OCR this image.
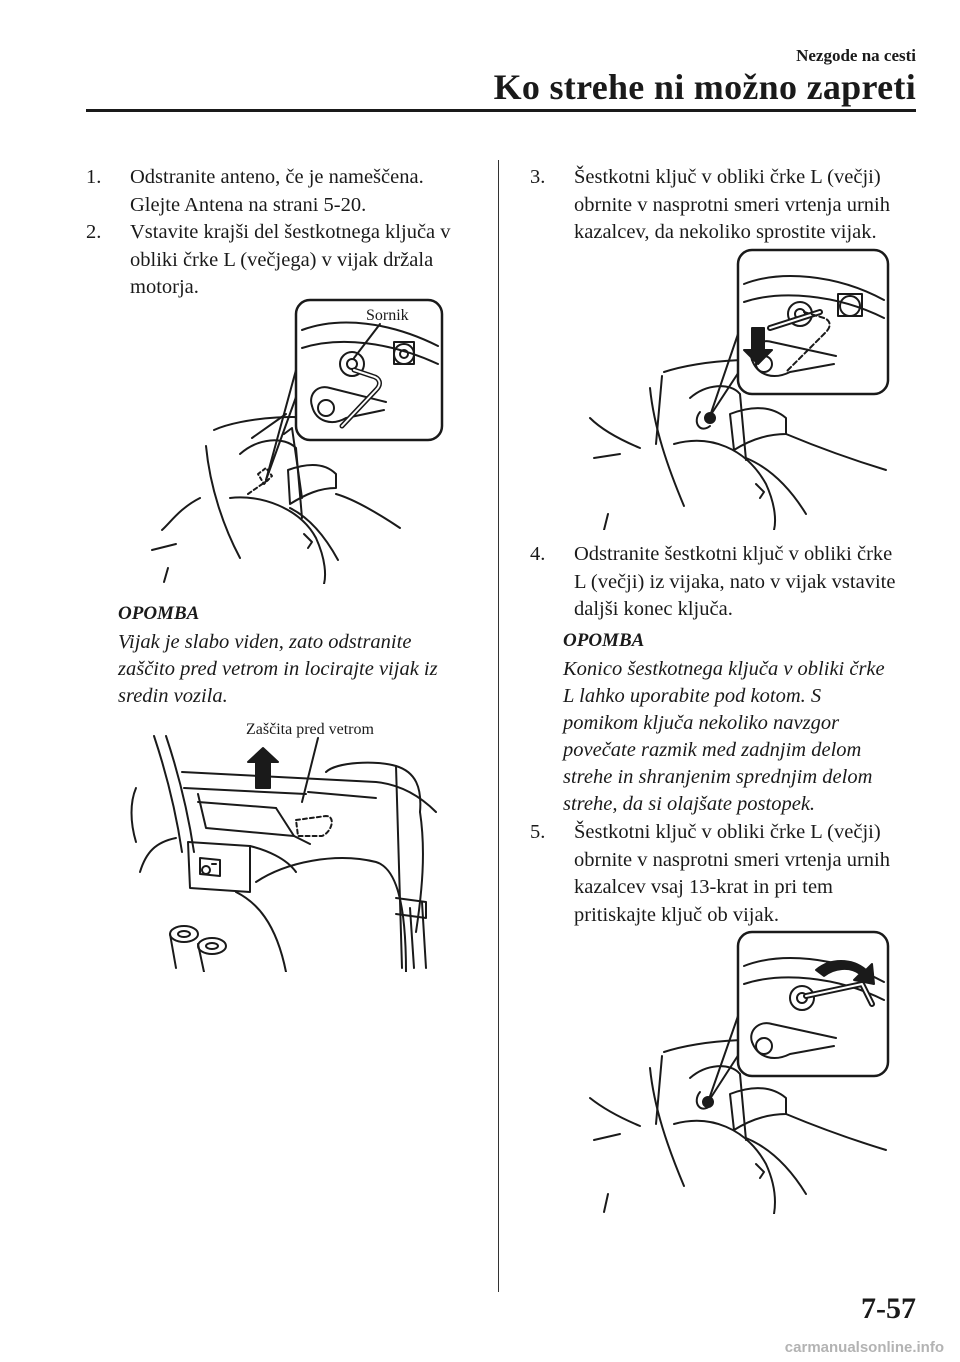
Nezgode na cesti
Ko strehe ni možno zapreti
1. Odstranite anteno, če je nameščena.
Glejte Antena na strani 5-20.
2. Vstavite krajši del šestkotnega ključa v
obliki črke L (večjega) v vijak držala
motorja.
Sornik
OPOMBA
Vijak je slabo viden, zato odstranite
zaščito pred vetrom in locirajte vijak iz
sredin vozila.
Zaščita pred vetrom
3. Šestkotni ključ v obliki črke L (večji)
obrnite v nasprotni smeri vrtenja urnih
kazalcev, da nekoliko sprostite vijak.
4. Odstranite šestkotni ključ v obliki črke
L (večji) iz vijaka, nato v vijak vstavite
daljši konec ključa.
OPOMBA
Konico šestkotnega ključa v obliki črke
L lahko uporabite pod kotom. S
pomikom ključa nekoliko navzgor
povečate razmik med zadnjim delom
strehe in shranjenim sprednjim delom
strehe, da si olajšate postopek.
5. Šestkotni ključ v obliki črke L (večji)
obrnite v nasprotni smeri vrtenja urnih
kazalcev vsaj 13-krat in pri tem
pritiskajte ključ ob vijak.
7-57
carmanualsonline.info
